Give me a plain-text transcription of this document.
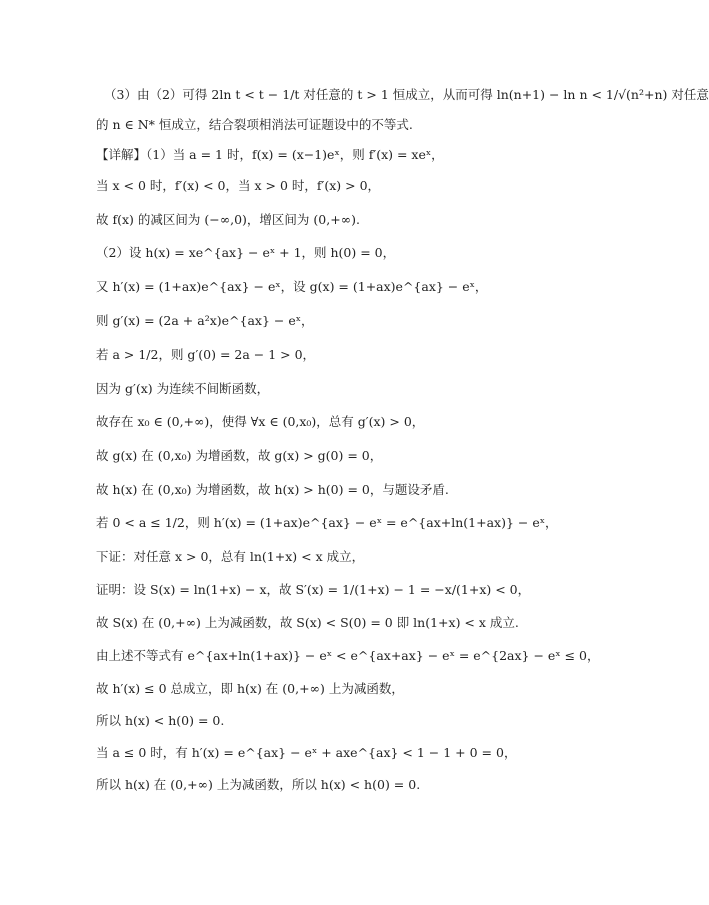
（3）由（2）可得 2ln t < t − 1/t 对任意的 t > 1 恒成立，从而可得 ln(n+1) − ln n < 1/√(n²+n) 对任意
的 n ∈ N* 恒成立，结合裂项相消法可证题设中的不等式.
【详解】（1）当 a = 1 时，f(x) = (x−1)eˣ，则 f′(x) = xeˣ，
当 x < 0 时，f′(x) < 0，当 x > 0 时，f′(x) > 0，
故 f(x) 的减区间为 (−∞,0)，增区间为 (0,+∞).
（2）设 h(x) = xe^{ax} − eˣ + 1，则 h(0) = 0，
又 h′(x) = (1+ax)e^{ax} − eˣ，设 g(x) = (1+ax)e^{ax} − eˣ，
则 g′(x) = (2a + a²x)e^{ax} − eˣ，
若 a > 1/2，则 g′(0) = 2a − 1 > 0，
因为 g′(x) 为连续不间断函数，
故存在 x₀ ∈ (0,+∞)，使得 ∀x ∈ (0,x₀)，总有 g′(x) > 0，
故 g(x) 在 (0,x₀) 为增函数，故 g(x) > g(0) = 0，
故 h(x) 在 (0,x₀) 为增函数，故 h(x) > h(0) = 0，与题设矛盾.
若 0 < a ≤ 1/2，则 h′(x) = (1+ax)e^{ax} − eˣ = e^{ax+ln(1+ax)} − eˣ，
下证：对任意 x > 0，总有 ln(1+x) < x 成立，
证明：设 S(x) = ln(1+x) − x，故 S′(x) = 1/(1+x) − 1 = −x/(1+x) < 0，
故 S(x) 在 (0,+∞) 上为减函数，故 S(x) < S(0) = 0 即 ln(1+x) < x 成立.
由上述不等式有 e^{ax+ln(1+ax)} − eˣ < e^{ax+ax} − eˣ = e^{2ax} − eˣ ≤ 0，
故 h′(x) ≤ 0 总成立，即 h(x) 在 (0,+∞) 上为减函数，
所以 h(x) < h(0) = 0.
当 a ≤ 0 时，有 h′(x) = e^{ax} − eˣ + axe^{ax} < 1 − 1 + 0 = 0，
所以 h(x) 在 (0,+∞) 上为减函数，所以 h(x) < h(0) = 0.
